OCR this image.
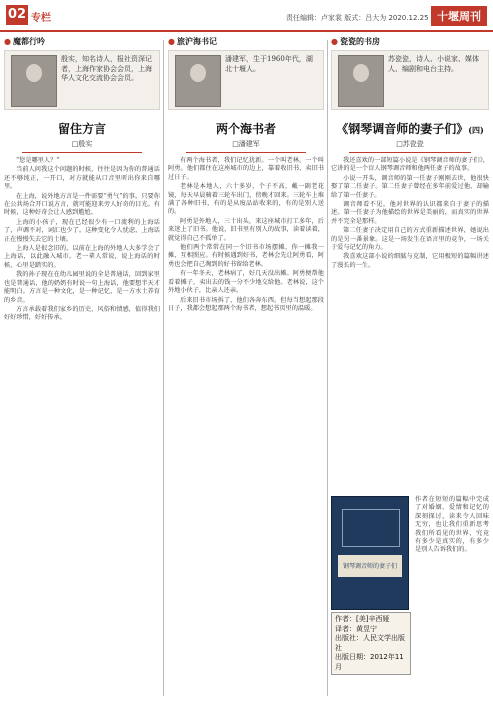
02 专栏	责任编辑：卢家裳 版式：吕大为 2020.12.25 十堰周刊
● 魔都行吟
殷实，知名诗人，报社资深记者，上海作家协会会员，上海华人文化交流协会会员。
留住方言
□殷实

“您是哪里人？”

当前人问我这个问题的时候，往往是因为你的普通话还不够纯正，一开口，对方就能从口音里听出你来自哪里。

在上海，说外地方言是一件需要“勇气”的事。只要你在公共场合开口说方言，就可能迎来旁人好奇的目光。有时候，这种好奇会让人感到尴尬。

上海的小孩子，现在已经很少有一口流利的上海话了，声调不对，词汇也少了。这种变化令人忧虑，上海话正在慢慢失去它的土壤。

上海人是很念旧的，以前在上海的外地人大多学会了上海话，以此融入城市。老一辈人常说，说上海话的时候，心里是踏实的。

我的孙子现在在幼儿园里说的全是普通话，回到家里也是普通话，他的奶奶有时说一句上海话，他要想半天才能明白。方言是一种文化，是一种记忆，是一方水土养育的乡音。

方言承载着我们家乡的历史、风俗和情感，值得我们好好珍惜，好好传承。

● 旅沪海书记
潘建军，生于1960年代，湖北十堰人。
两个海书者
□潘建军

有两个海书者，我们记忆犹新。一个叫老林，一个叫阿勇。他们都住在这座城市的边上，靠着收旧书、卖旧书过日子。

老林是本地人，六十多岁，个子不高，戴一副老花镜，每天早晨骑着三轮车出门，傍晚才回来。三轮车上堆满了各种旧书，有的是从废品站收来的，有的是别人送的。

阿勇是外地人，三十出头，来这座城市打工多年，后来迷上了旧书。他说，旧书里有别人的故事，读着读着，就觉得自己不孤单了。

他们两个常常在同一个旧书市场摆摊，你一摊我一摊，互相照应。有时候遇到好书，老林会先让阿勇看，阿勇也会把自己淘到的好书留给老林。

有一年冬天，老林病了，好几天没出摊。阿勇便帮他看着摊子，卖出去的钱一分不少地交给他。老林说，这个外地小伙子，比亲人还亲。

后来旧书市场拆了，他们各奔东西。但每当想起那段日子，我都会想起那两个海书者，想起书页里的温暖。

● 瓷瓷的书房
苏瓷瓷，诗人、小说家、媒体人、编剧和电台主持。
《钢琴调音师的妻子们》(四)
□苏瓷瓷

我还喜欢的一部短篇小说是《钢琴调音师的妻子们》，它讲的是一个盲人钢琴调音师和他两任妻子的故事。

小说一开头，调音师的第一任妻子刚刚去世，他很快娶了第二任妻子。第二任妻子曾经在多年前爱过他，却输给了第一任妻子。

调音师看不见，他对世界的认识都来自于妻子的描述。第一任妻子为他描绘的世界是美丽的，而真实的世界并不完全是那样。

第二任妻子决定用自己的方式重新描述世界，她说出的是另一番景象。这是一场发生在语言里的竞争，一场关于爱与记忆的角力。

我喜欢这部小说的细腻与克制，它用极短的篇幅讲述了漫长的一生。

钢琴调音师的妻子们
作者在短短的篇幅中完成了对婚姻、爱情和记忆的深刻探讨，读来令人回味无穷，也让我们重新思考我们所看见的世界，究竟有多少是真实的，有多少是别人告诉我们的。
作者：[美]辛西娅
译者：黄昱宁
出版社：人民文学出版社
出版日期：2012年11月
